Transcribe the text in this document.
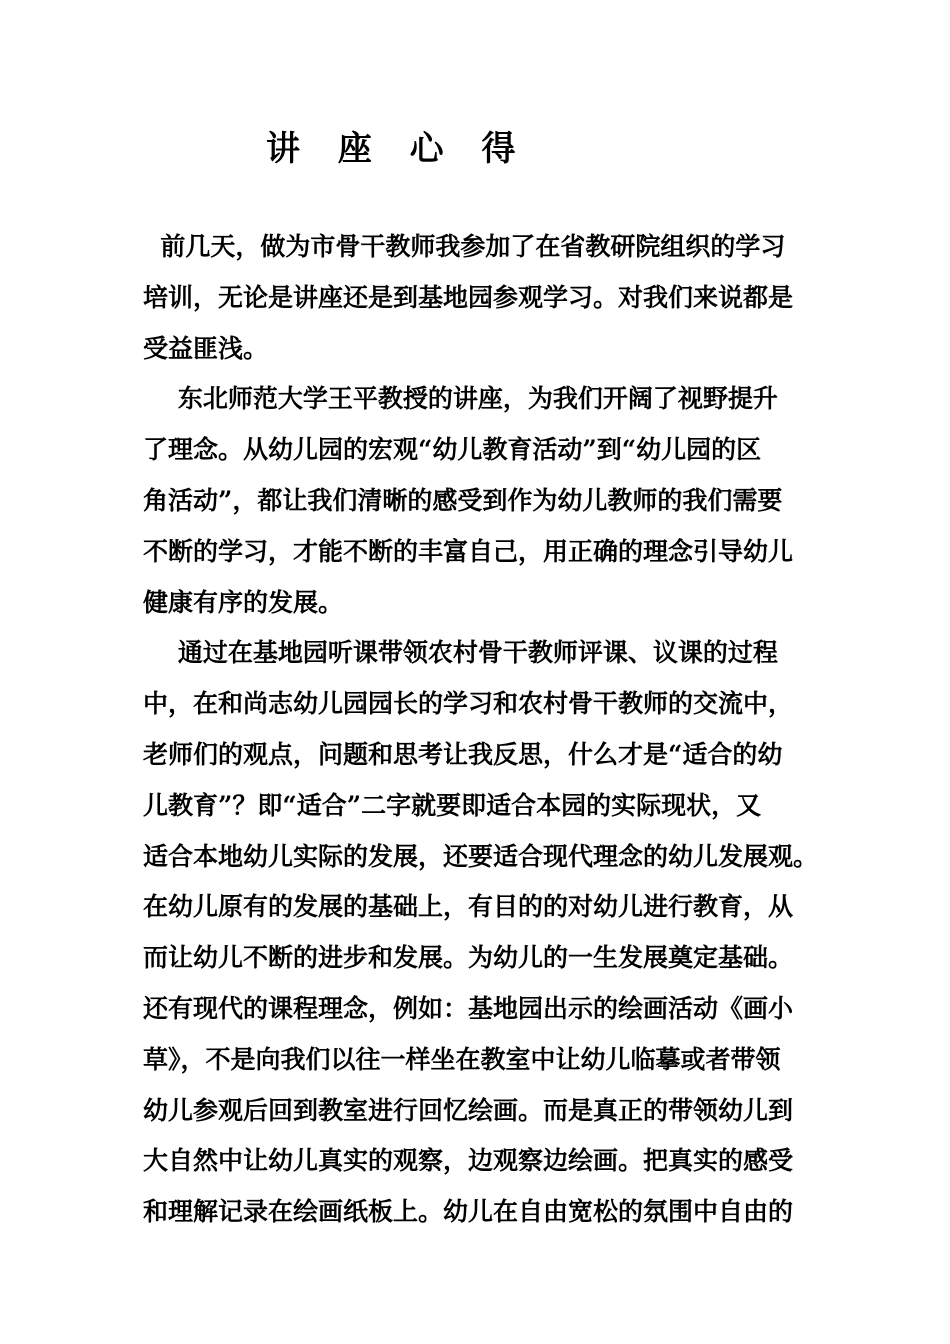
讲 座 心 得
前几天，做为市骨干教师我参加了在省教研院组织的学习
培训，无论是讲座还是到基地园参观学习。对我们来说都是
受益匪浅。
东北师范大学王平教授的讲座，为我们开阔了视野提升
了理念。从幼儿园的宏观“幼儿教育活动”到“幼儿园的区
角活动”，都让我们清晰的感受到作为幼儿教师的我们需要
不断的学习，才能不断的丰富自己，用正确的理念引导幼儿
健康有序的发展。
通过在基地园听课带领农村骨干教师评课、议课的过程
中，在和尚志幼儿园园长的学习和农村骨干教师的交流中，
老师们的观点，问题和思考让我反思，什么才是“适合的幼
儿教育”？即“适合”二字就要即适合本园的实际现状，又
适合本地幼儿实际的发展，还要适合现代理念的幼儿发展观。
在幼儿原有的发展的基础上，有目的的对幼儿进行教育，从
而让幼儿不断的进步和发展。为幼儿的一生发展奠定基础。
还有现代的课程理念，例如：基地园出示的绘画活动《画小
草》，不是向我们以往一样坐在教室中让幼儿临摹或者带领
幼儿参观后回到教室进行回忆绘画。而是真正的带领幼儿到
大自然中让幼儿真实的观察，边观察边绘画。把真实的感受
和理解记录在绘画纸板上。幼儿在自由宽松的氛围中自由的
